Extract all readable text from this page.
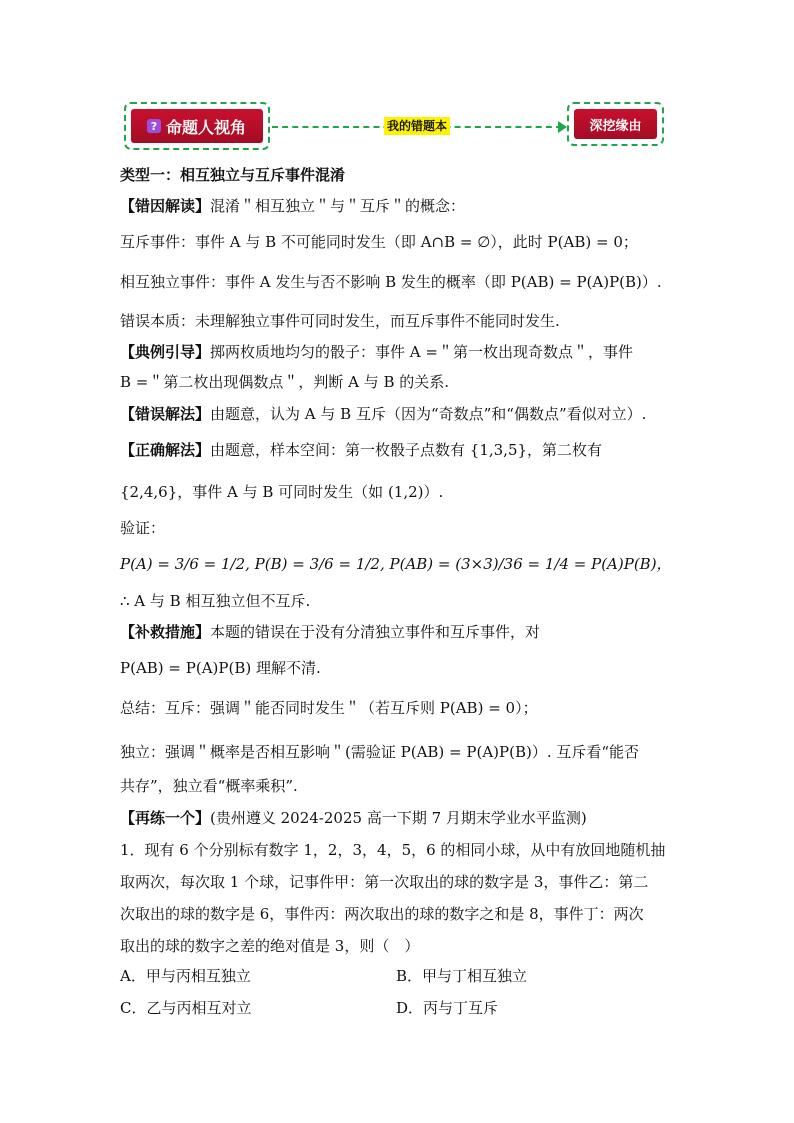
? 命题人视角	我的错题本	深挖缘由
类型一：相互独立与互斥事件混淆
【错因解读】混淆＂相互独立＂与＂互斥＂的概念：
互斥事件：事件 A 与 B 不可能同时发生（即 A∩B = ∅），此时 P(AB) = 0；
相互独立事件：事件 A 发生与否不影响 B 发生的概率（即 P(AB) = P(A)P(B)）.
错误本质：未理解独立事件可同时发生，而互斥事件不能同时发生.
【典例引导】掷两枚质地均匀的骰子：事件 A =＂第一枚出现奇数点＂，事件
B =＂第二枚出现偶数点＂，判断 A 与 B 的关系.
【错误解法】由题意，认为 A 与 B 互斥（因为“奇数点”和“偶数点”看似对立）.
【正确解法】由题意，样本空间：第一枚骰子点数有 {1,3,5}，第二枚有
{2,4,6}，事件 A 与 B 可同时发生（如 (1,2)）.
验证：
P(A) = 3/6 = 1/2, P(B) = 3/6 = 1/2, P(AB) = (3×3)/36 = 1/4 = P(A)P(B)，
∴ A 与 B 相互独立但不互斥.
【补救措施】本题的错误在于没有分清独立事件和互斥事件，对
P(AB) = P(A)P(B) 理解不清.
总结：互斥：强调＂能否同时发生＂（若互斥则 P(AB) = 0）；
独立：强调＂概率是否相互影响＂(需验证 P(AB) = P(A)P(B)）. 互斥看“能否
共存”，独立看“概率乘积”.
【再练一个】(贵州遵义 2024-2025 高一下期 7 月期末学业水平监测)
1．现有 6 个分别标有数字 1，2，3，4，5，6 的相同小球，从中有放回地随机抽
取两次，每次取 1 个球，记事件甲：第一次取出的球的数字是 3，事件乙：第二
次取出的球的数字是 6，事件丙：两次取出的球的数字之和是 8，事件丁：两次
取出的球的数字之差的绝对值是 3，则（　）
A．甲与丙相互独立	B．甲与丁相互独立
C．乙与丙相互对立	D．丙与丁互斥
